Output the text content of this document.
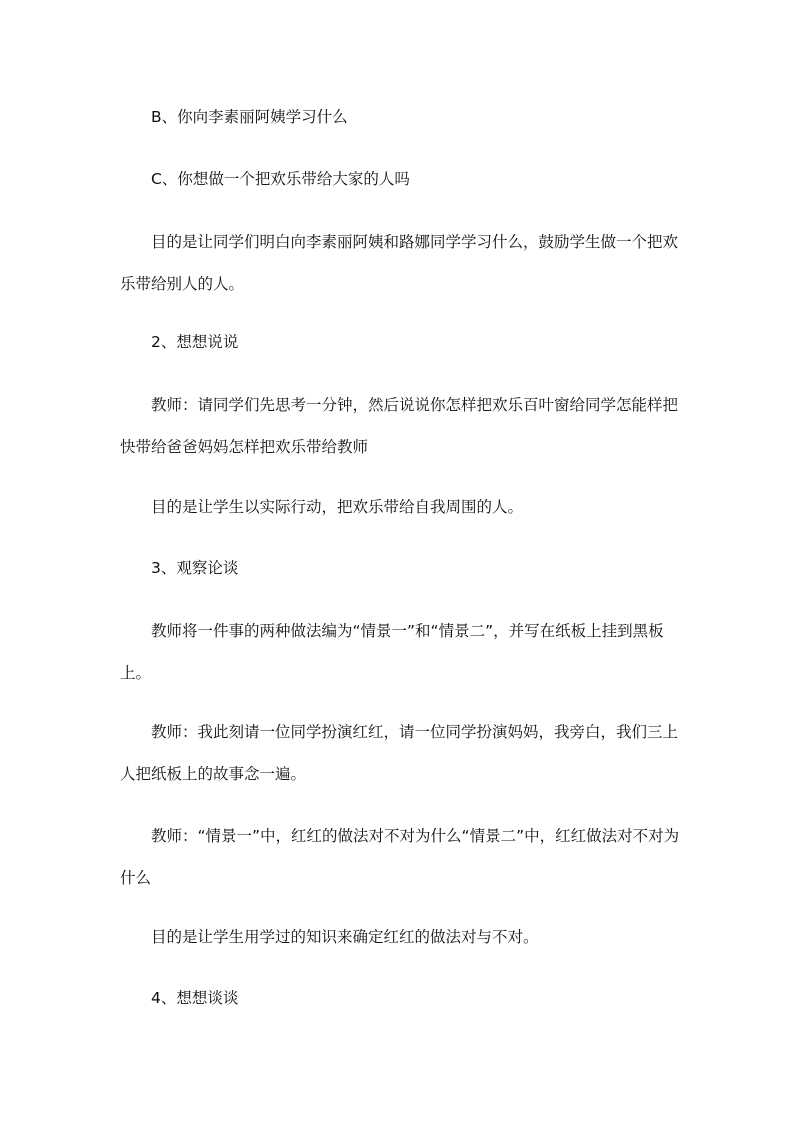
B、你向李素丽阿姨学习什么

C、你想做一个把欢乐带给大家的人吗

目的是让同学们明白向李素丽阿姨和路娜同学学习什么，鼓励学生做一个把欢乐带给别人的人。

2、想想说说

教师：请同学们先思考一分钟，然后说说你怎样把欢乐百叶窗给同学怎能样把快带给爸爸妈妈怎样把欢乐带给教师

目的是让学生以实际行动，把欢乐带给自我周围的人。

3、观察论谈

教师将一件事的两种做法编为“情景一”和“情景二”，并写在纸板上挂到黑板上。

教师：我此刻请一位同学扮演红红，请一位同学扮演妈妈，我旁白，我们三上人把纸板上的故事念一遍。

教师：“情景一”中，红红的做法对不对为什么“情景二”中，红红做法对不对为什么

目的是让学生用学过的知识来确定红红的做法对与不对。

4、想想谈谈
